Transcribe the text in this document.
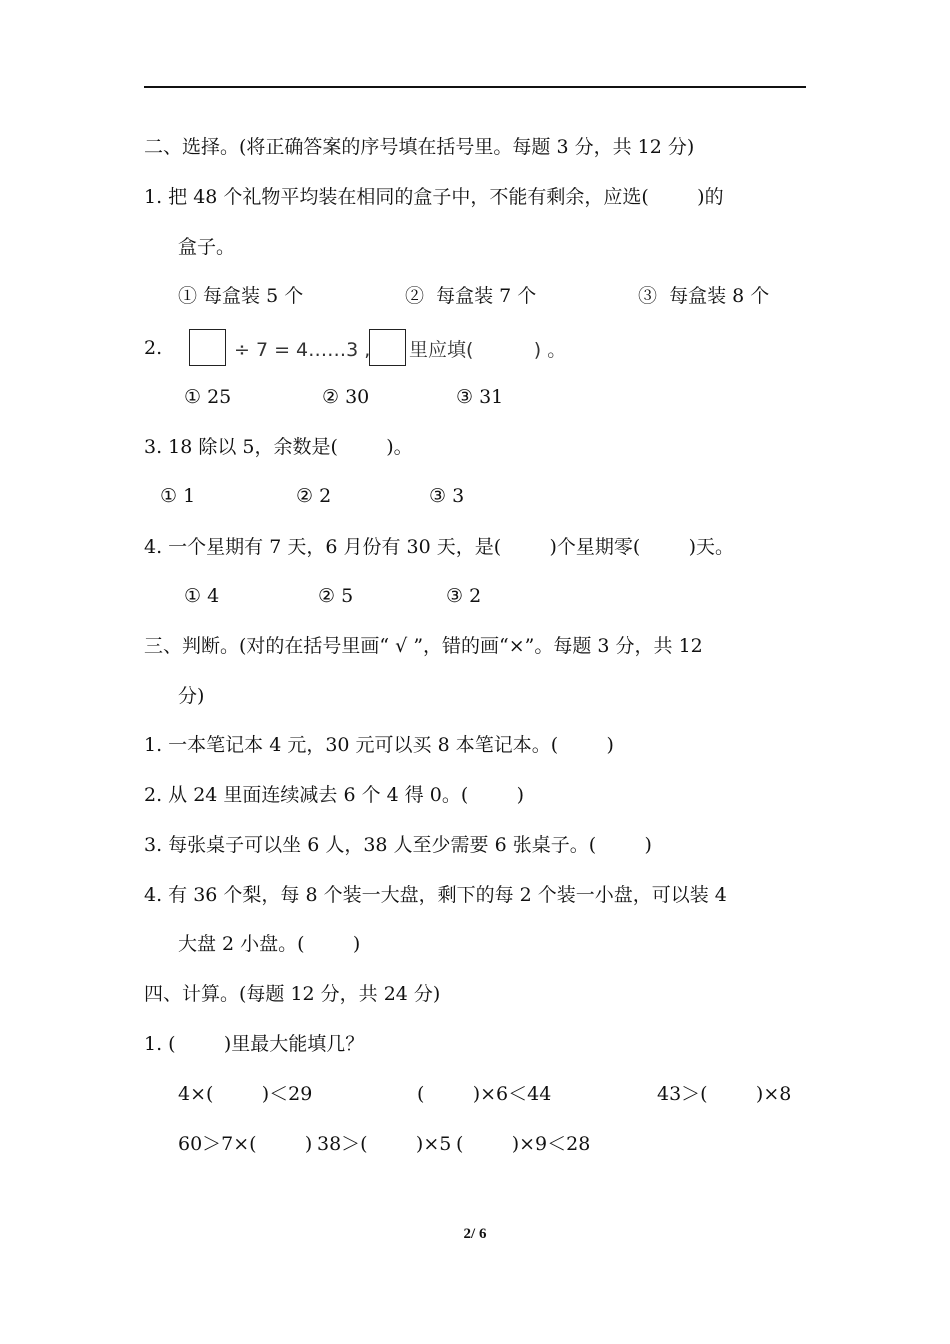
二、选择。(将正确答案的序号填在括号里。每题 3 分，共 12 分)
1. 把 48 个礼物平均装在相同的盒子中，不能有剩余，应选(        )的
盒子。
① 每盒装 5 个	②  每盒装 7 个	③  每盒装 8 个
2.	÷ 7 = 4……3 , 里应填(          ) 。
① 25	② 30	③ 31
3. 18 除以 5，余数是(        )。
① 1	② 2	③ 3
4. 一个星期有 7 天，6 月份有 30 天，是(        )个星期零(        )天。
① 4	② 5	③ 2
三、判断。(对的在括号里画“ √ ”，错的画“×”。每题 3 分，共 12
分)
1. 一本笔记本 4 元，30 元可以买 8 本笔记本。(        )
2. 从 24 里面连续减去 6 个 4 得 0。(        )
3. 每张桌子可以坐 6 人，38 人至少需要 6 张桌子。(        )
4. 有 36 个梨，每 8 个装一大盘，剩下的每 2 个装一小盘，可以装 4
大盘 2 小盘。(        )
四、计算。(每题 12 分，共 24 分)
1. (        )里最大能填几？
4×(        )＜29	(        )×6＜44	43＞(        )×8
60＞7×(        ) 38＞(        )×5 (        )×9＜28
2/ 6
